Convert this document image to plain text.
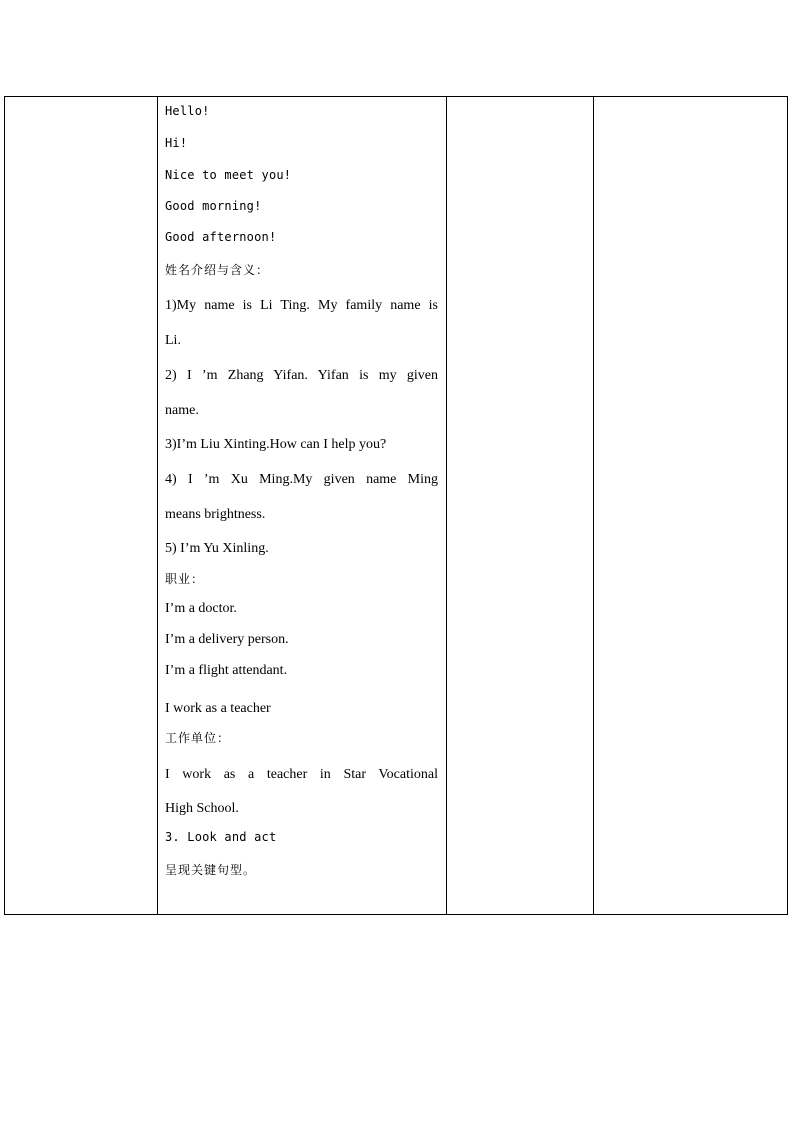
Hello!
Hi!
Nice to meet you!
Good morning!
Good afternoon!
姓名介绍与含义：
1)My name is Li Ting. My family name is
Li.
2) I ’m Zhang Yifan. Yifan is my given
name.
3)I’m Liu Xinting.How can I help you?
4) I ’m Xu Ming.My given name Ming
means brightness.
5) I’m Yu Xinling.
职业：
I’m a doctor.
I’m a delivery person.
I’m a flight attendant.
I work as a teacher
工作单位：
I work as a teacher in Star Vocational
High School.
3. Look and act
呈现关键句型。
